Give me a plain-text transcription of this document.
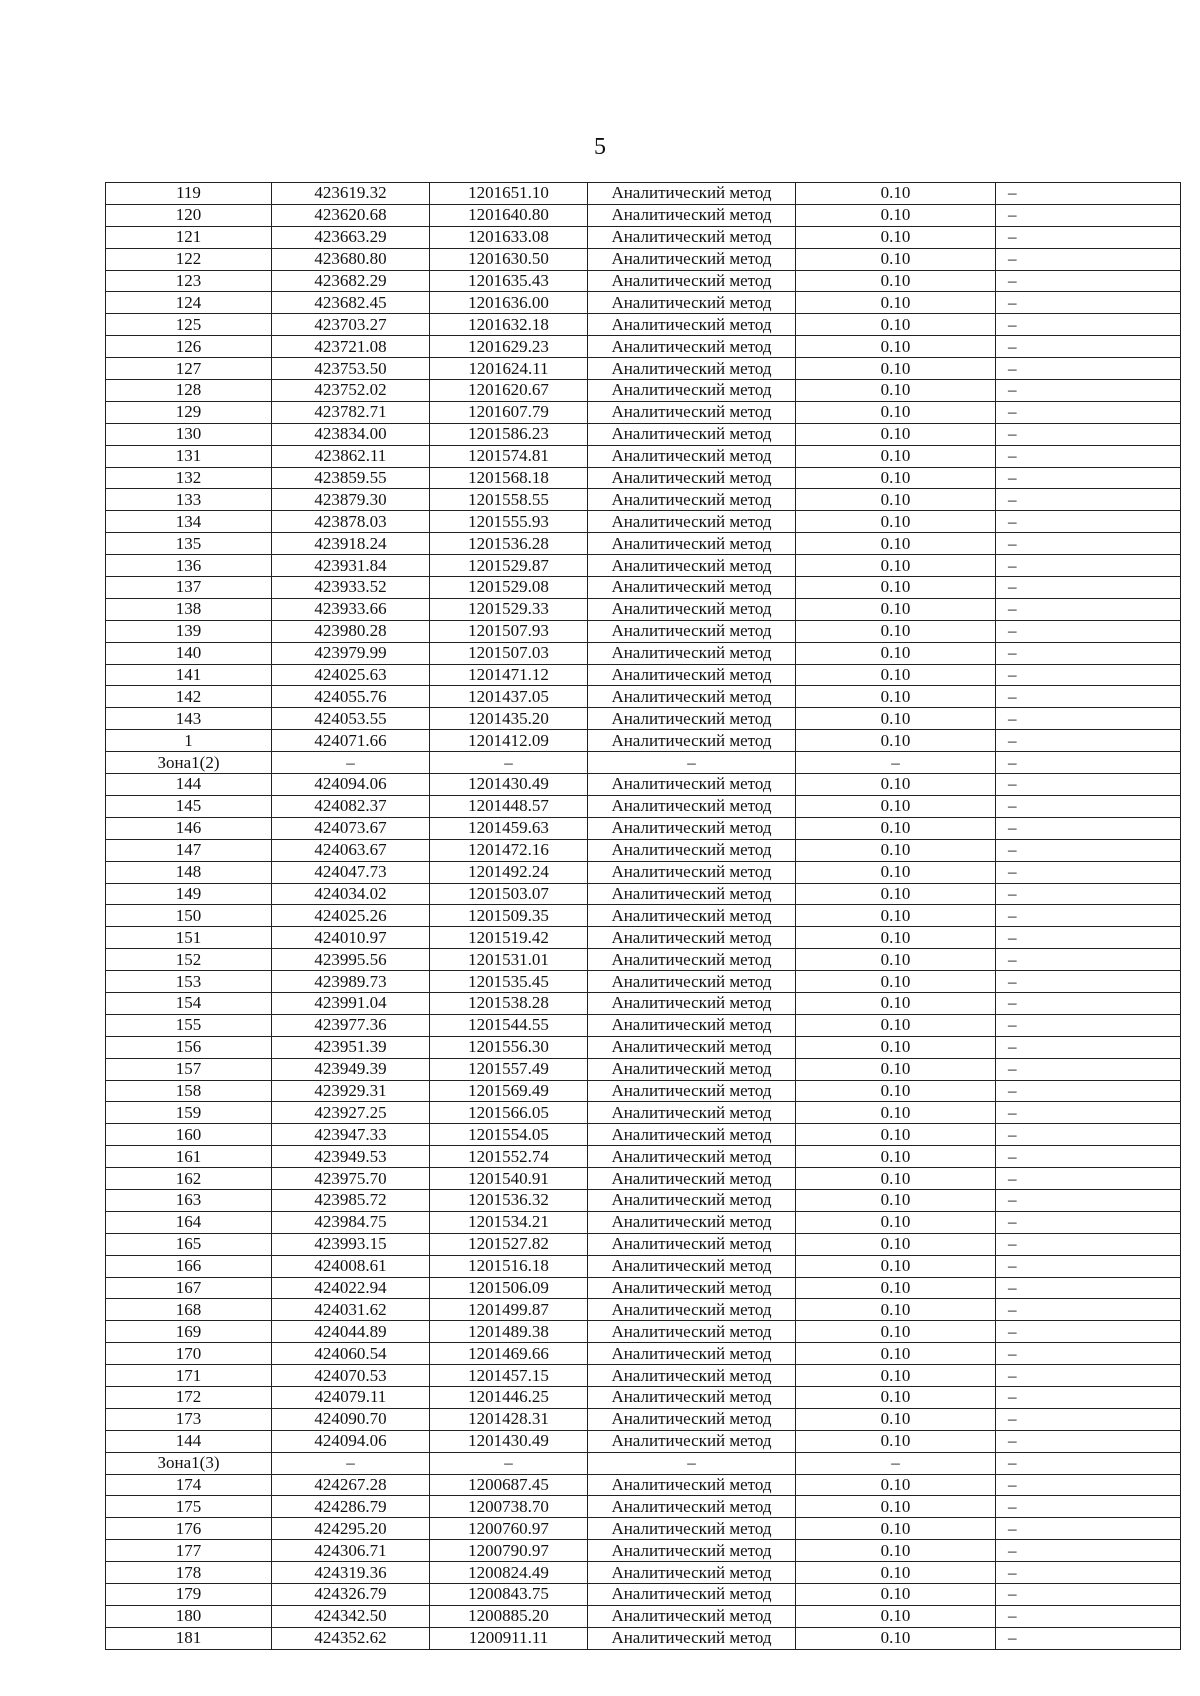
5
119	423619.32	1201651.10	Аналитический метод	0.10	–
120	423620.68	1201640.80	Аналитический метод	0.10	–
121	423663.29	1201633.08	Аналитический метод	0.10	–
122	423680.80	1201630.50	Аналитический метод	0.10	–
123	423682.29	1201635.43	Аналитический метод	0.10	–
124	423682.45	1201636.00	Аналитический метод	0.10	–
125	423703.27	1201632.18	Аналитический метод	0.10	–
126	423721.08	1201629.23	Аналитический метод	0.10	–
127	423753.50	1201624.11	Аналитический метод	0.10	–
128	423752.02	1201620.67	Аналитический метод	0.10	–
129	423782.71	1201607.79	Аналитический метод	0.10	–
130	423834.00	1201586.23	Аналитический метод	0.10	–
131	423862.11	1201574.81	Аналитический метод	0.10	–
132	423859.55	1201568.18	Аналитический метод	0.10	–
133	423879.30	1201558.55	Аналитический метод	0.10	–
134	423878.03	1201555.93	Аналитический метод	0.10	–
135	423918.24	1201536.28	Аналитический метод	0.10	–
136	423931.84	1201529.87	Аналитический метод	0.10	–
137	423933.52	1201529.08	Аналитический метод	0.10	–
138	423933.66	1201529.33	Аналитический метод	0.10	–
139	423980.28	1201507.93	Аналитический метод	0.10	–
140	423979.99	1201507.03	Аналитический метод	0.10	–
141	424025.63	1201471.12	Аналитический метод	0.10	–
142	424055.76	1201437.05	Аналитический метод	0.10	–
143	424053.55	1201435.20	Аналитический метод	0.10	–
1	424071.66	1201412.09	Аналитический метод	0.10	–
Зона1(2)	–	–	–	–	–
144	424094.06	1201430.49	Аналитический метод	0.10	–
145	424082.37	1201448.57	Аналитический метод	0.10	–
146	424073.67	1201459.63	Аналитический метод	0.10	–
147	424063.67	1201472.16	Аналитический метод	0.10	–
148	424047.73	1201492.24	Аналитический метод	0.10	–
149	424034.02	1201503.07	Аналитический метод	0.10	–
150	424025.26	1201509.35	Аналитический метод	0.10	–
151	424010.97	1201519.42	Аналитический метод	0.10	–
152	423995.56	1201531.01	Аналитический метод	0.10	–
153	423989.73	1201535.45	Аналитический метод	0.10	–
154	423991.04	1201538.28	Аналитический метод	0.10	–
155	423977.36	1201544.55	Аналитический метод	0.10	–
156	423951.39	1201556.30	Аналитический метод	0.10	–
157	423949.39	1201557.49	Аналитический метод	0.10	–
158	423929.31	1201569.49	Аналитический метод	0.10	–
159	423927.25	1201566.05	Аналитический метод	0.10	–
160	423947.33	1201554.05	Аналитический метод	0.10	–
161	423949.53	1201552.74	Аналитический метод	0.10	–
162	423975.70	1201540.91	Аналитический метод	0.10	–
163	423985.72	1201536.32	Аналитический метод	0.10	–
164	423984.75	1201534.21	Аналитический метод	0.10	–
165	423993.15	1201527.82	Аналитический метод	0.10	–
166	424008.61	1201516.18	Аналитический метод	0.10	–
167	424022.94	1201506.09	Аналитический метод	0.10	–
168	424031.62	1201499.87	Аналитический метод	0.10	–
169	424044.89	1201489.38	Аналитический метод	0.10	–
170	424060.54	1201469.66	Аналитический метод	0.10	–
171	424070.53	1201457.15	Аналитический метод	0.10	–
172	424079.11	1201446.25	Аналитический метод	0.10	–
173	424090.70	1201428.31	Аналитический метод	0.10	–
144	424094.06	1201430.49	Аналитический метод	0.10	–
Зона1(3)	–	–	–	–	–
174	424267.28	1200687.45	Аналитический метод	0.10	–
175	424286.79	1200738.70	Аналитический метод	0.10	–
176	424295.20	1200760.97	Аналитический метод	0.10	–
177	424306.71	1200790.97	Аналитический метод	0.10	–
178	424319.36	1200824.49	Аналитический метод	0.10	–
179	424326.79	1200843.75	Аналитический метод	0.10	–
180	424342.50	1200885.20	Аналитический метод	0.10	–
181	424352.62	1200911.11	Аналитический метод	0.10	–
